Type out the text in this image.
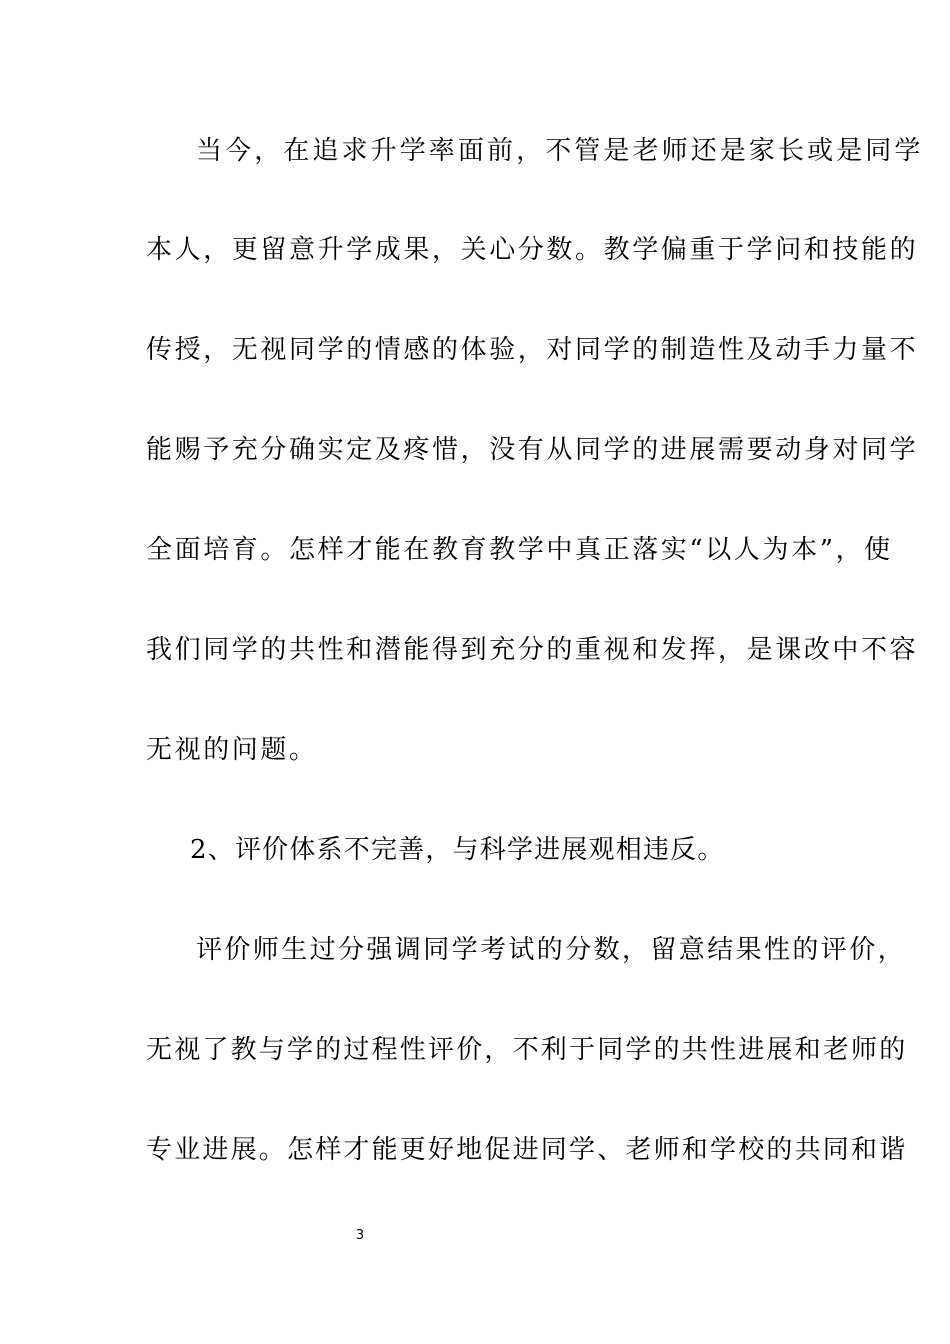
当今，在追求升学率面前，不管是老师还是家长或是同学
本人，更留意升学成果，关心分数。教学偏重于学问和技能的
传授，无视同学的情感的体验，对同学的制造性及动手力量不
能赐予充分确实定及疼惜，没有从同学的进展需要动身对同学
全面培育。怎样才能在教育教学中真正落实“以人为本”，使
我们同学的共性和潜能得到充分的重视和发挥，是课改中不容
无视的问题。
2、评价体系不完善，与科学进展观相违反。
评价师生过分强调同学考试的分数，留意结果性的评价，
无视了教与学的过程性评价，不利于同学的共性进展和老师的
专业进展。怎样才能更好地促进同学、老师和学校的共同和谐
3
